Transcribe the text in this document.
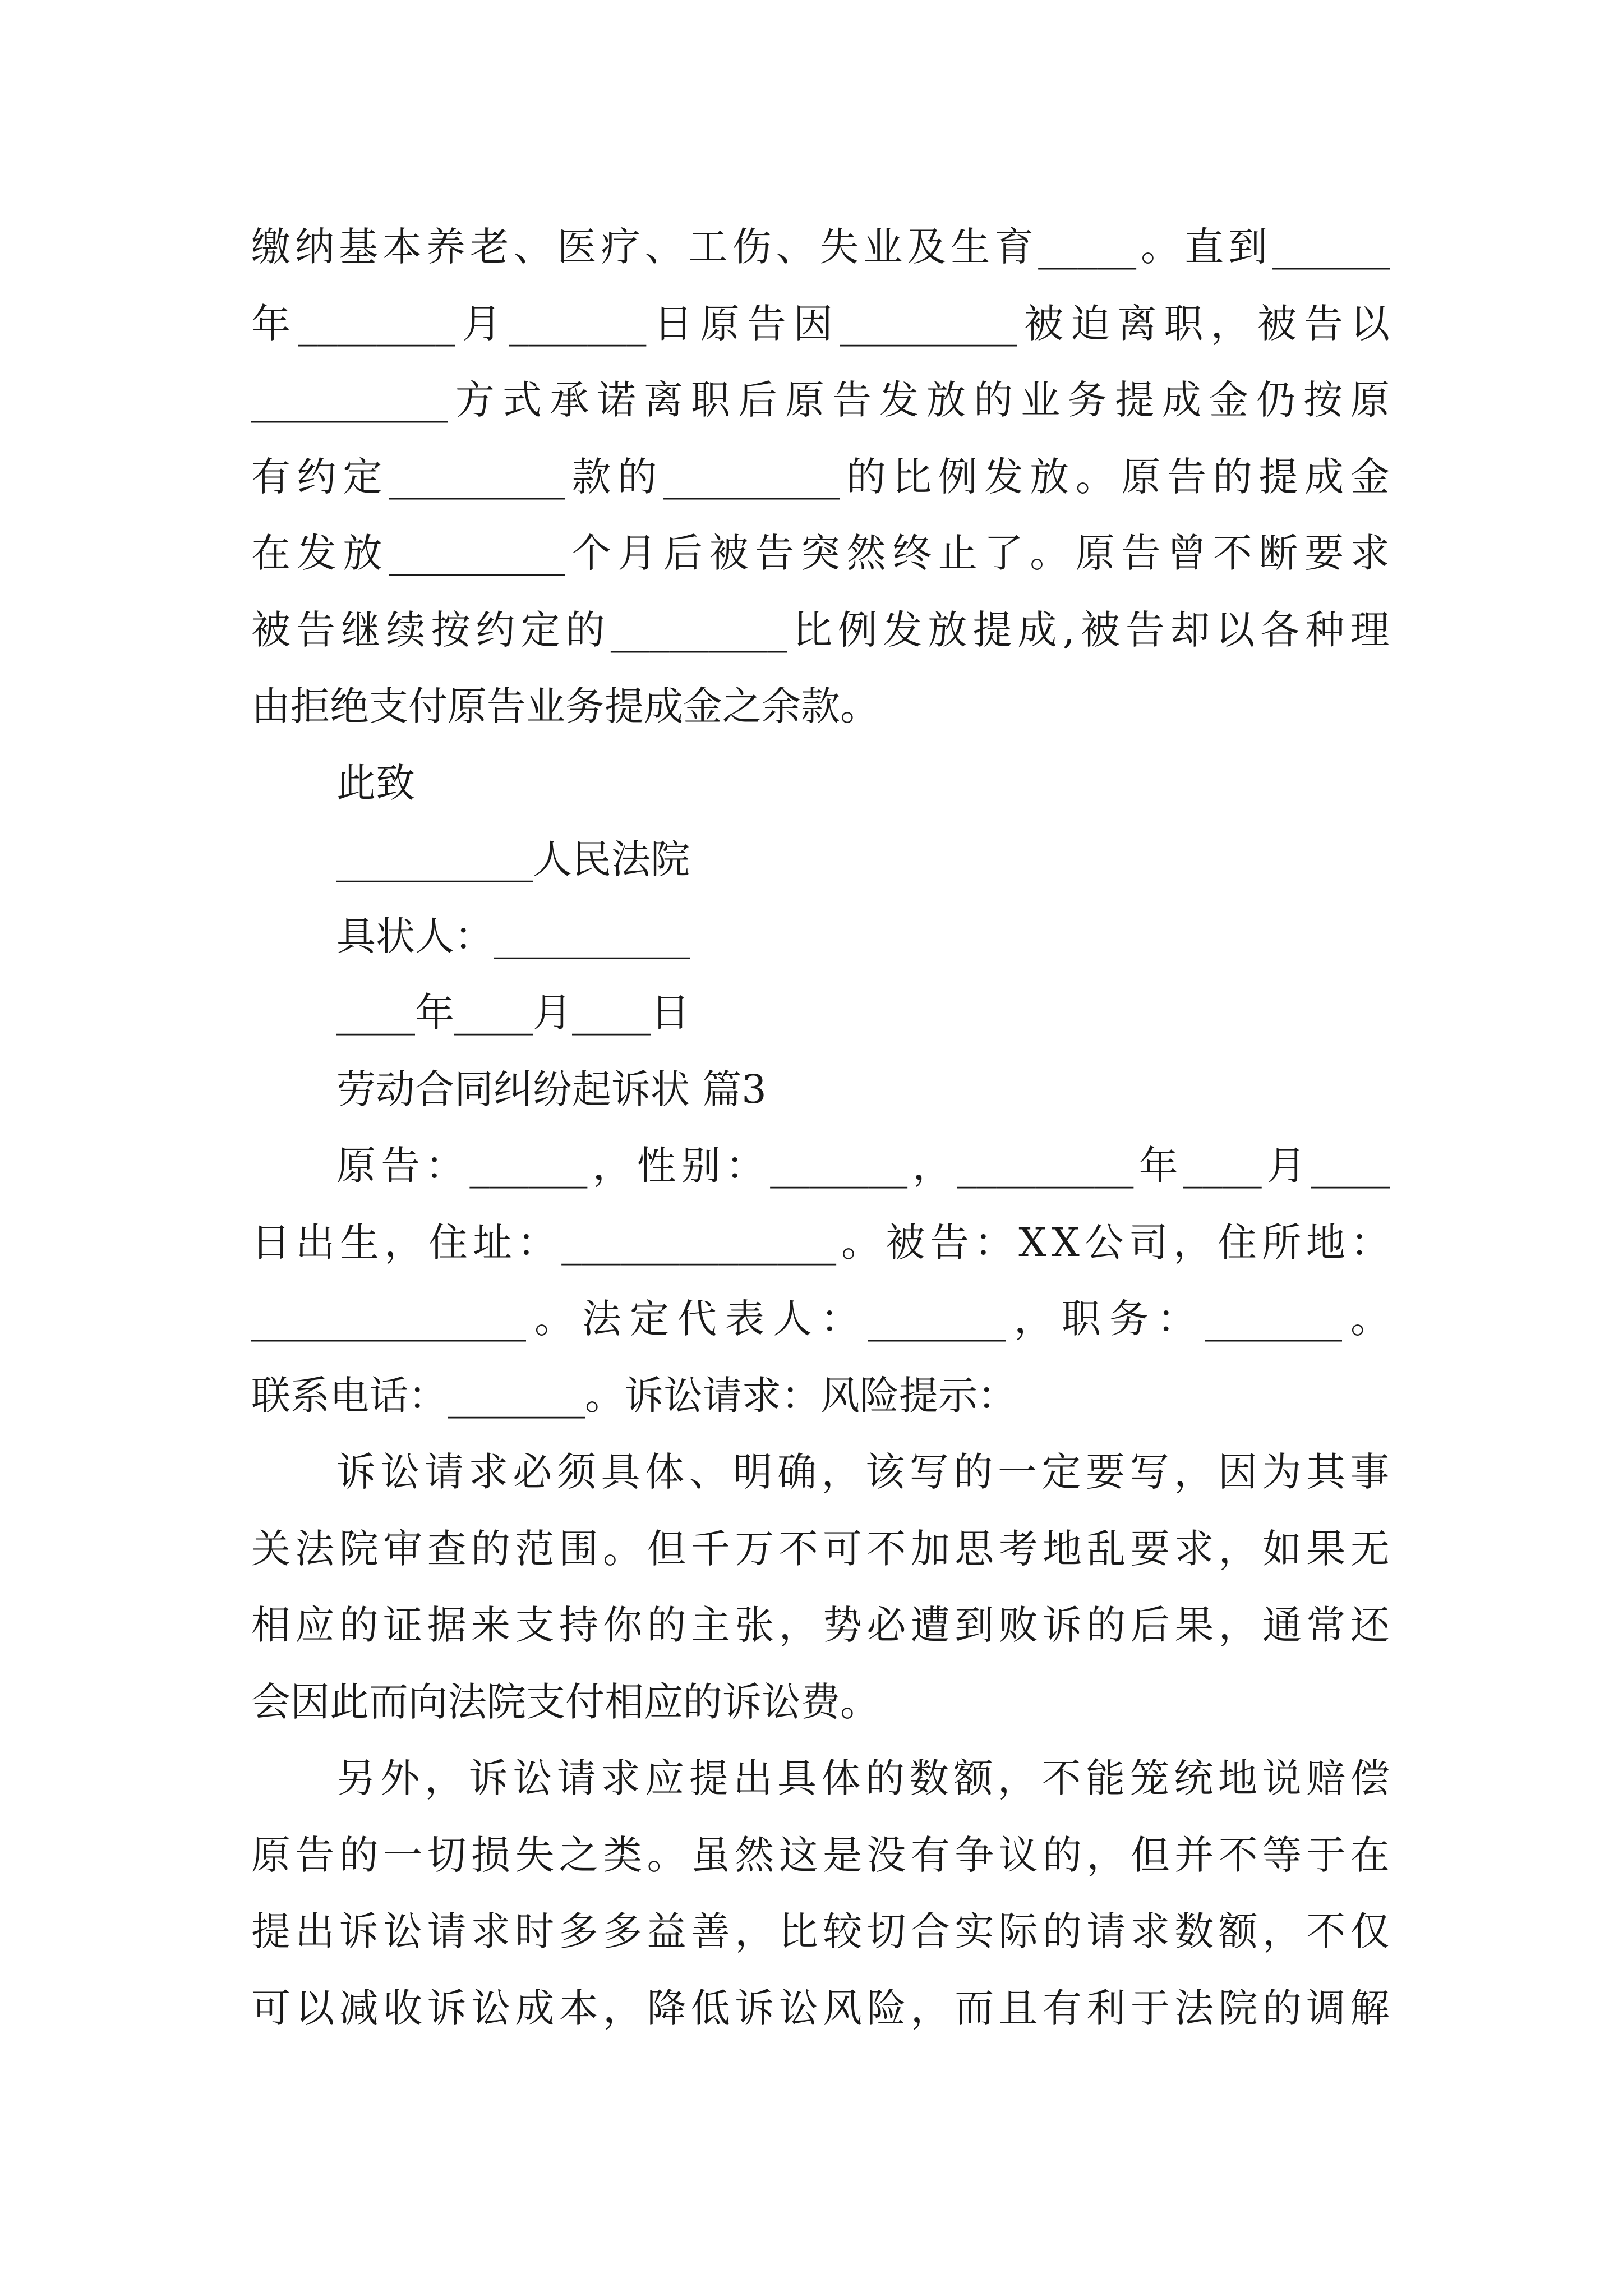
缴 纳 基 本 养 老 、 医 疗 、 工 伤 、 失 业 及 生 育 _____ 。 直 到 ______
年 ________ 月 _______ 日 原 告 因 _________ 被 迫 离 职 ， 被 告 以
__________ 方 式 承 诺 离 职 后 原 告 发 放 的 业 务 提 成 金 仍 按 原
有 约 定 _________ 款 的 _________ 的 比 例 发 放 。 原 告 的 提 成 金
在 发 放 _________ 个 月 后 被 告 突 然 终 止 了 。 原 告 曾 不 断 要 求
被 告 继 续 按 约 定 的 _________ 比 例 发 放 提 成 , 被 告 却 以 各 种 理
由拒绝支付原告业务提成金之余款。
此致
__________人民法院
具状人：__________
____年____月____日
劳动合同纠纷起诉状 篇3
原 告 ： ______ ， 性 别 ： _______ ， _________ 年 ____ 月 ____
日 出 生 ， 住 址 ： ______________ 。 被 告 ： X X 公 司 ， 住 所 地 ：
______________ 。 法 定 代 表 人 ： _______ ， 职 务 ： _______ 。
联系电话：_______。诉讼请求：风险提示：
诉 讼 请 求 必 须 具 体 、 明 确 ， 该 写 的 一 定 要 写 ， 因 为 其 事
关 法 院 审 查 的 范 围 。 但 千 万 不 可 不 加 思 考 地 乱 要 求 ， 如 果 无
相 应 的 证 据 来 支 持 你 的 主 张 ， 势 必 遭 到 败 诉 的 后 果 ， 通 常 还
会因此而向法院支付相应的诉讼费。
另 外 ， 诉 讼 请 求 应 提 出 具 体 的 数 额 ， 不 能 笼 统 地 说 赔 偿
原 告 的 一 切 损 失 之 类 。 虽 然 这 是 没 有 争 议 的 ， 但 并 不 等 于 在
提 出 诉 讼 请 求 时 多 多 益 善 ， 比 较 切 合 实 际 的 请 求 数 额 ， 不 仅
可 以 减 收 诉 讼 成 本 ， 降 低 诉 讼 风 险 ， 而 且 有 利 于 法 院 的 调 解
